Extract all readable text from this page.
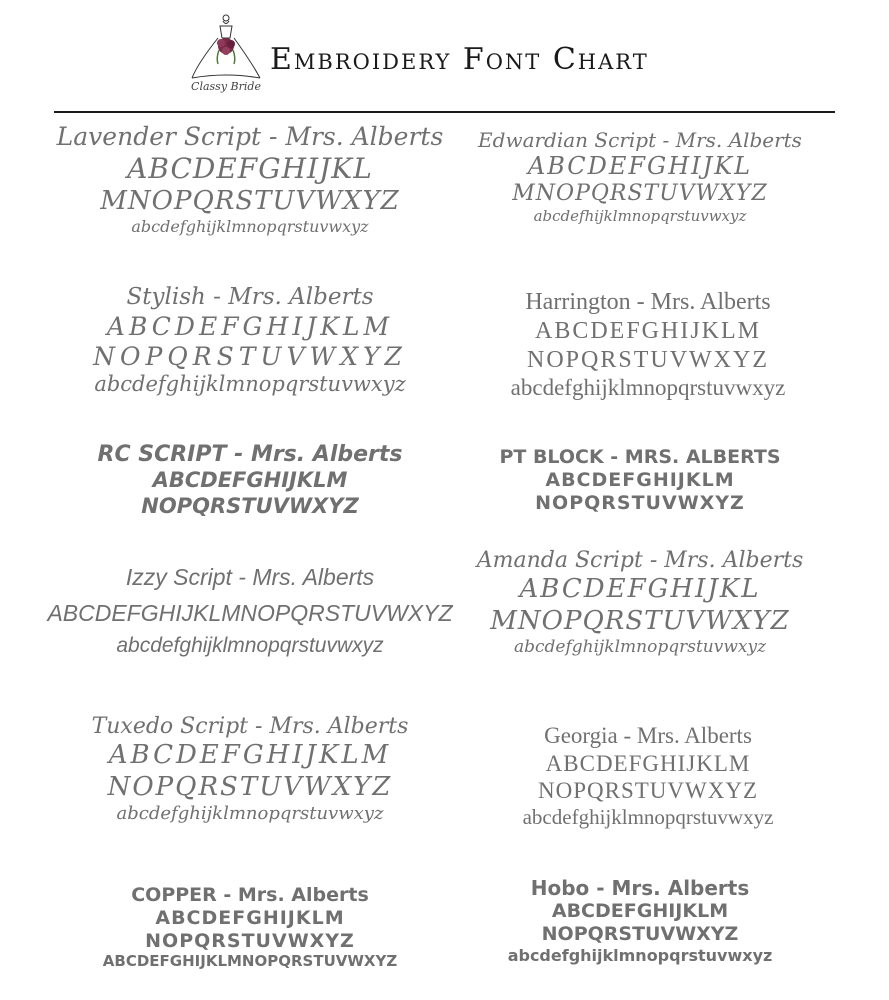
Classy Bride
Embroidery Font Chart
Lavender Script - Mrs. Alberts
ABCDEFGHIJKL
MNOPQRSTUVWXYZ
abcdefghijklmnopqrstuvwxyz
Edwardian Script - Mrs. Alberts
ABCDEFGHIJKL
MNOPQRSTUVWXYZ
abcdefhijklmnopqrstuvwxyz
Stylish - Mrs. Alberts
ABCDEFGHIJKLM
NOPQRSTUVWXYZ
abcdefghijklmnopqrstuvwxyz
Harrington - Mrs. Alberts
ABCDEFGHIJKLM
NOPQRSTUVWXYZ
abcdefghijklmnopqrstuvwxyz
RC SCRIPT - Mrs. Alberts
ABCDEFGHIJKLM
NOPQRSTUVWXYZ
PT BLOCK - MRS. ALBERTS
ABCDEFGHIJKLM
NOPQRSTUVWXYZ
Izzy Script - Mrs. Alberts
ABCDEFGHIJKLMNOPQRSTUVWXYZ
abcdefghijklmnopqrstuvwxyz
Amanda Script - Mrs. Alberts
ABCDEFGHIJKL
MNOPQRSTUVWXYZ
abcdefghijklmnopqrstuvwxyz
Tuxedo Script - Mrs. Alberts
ABCDEFGHIJKLM
NOPQRSTUVWXYZ
abcdefghijklmnopqrstuvwxyz
Georgia - Mrs. Alberts
ABCDEFGHIJKLM
NOPQRSTUVWXYZ
abcdefghijklmnopqrstuvwxyz
COPPER - Mrs. Alberts
ABCDEFGHIJKLM
NOPQRSTUVWXYZ
ABCDEFGHIJKLMNOPQRSTUVWXYZ
Hobo - Mrs. Alberts
ABCDEFGHIJKLM
NOPQRSTUVWXYZ
abcdefghijklmnopqrstuvwxyz
